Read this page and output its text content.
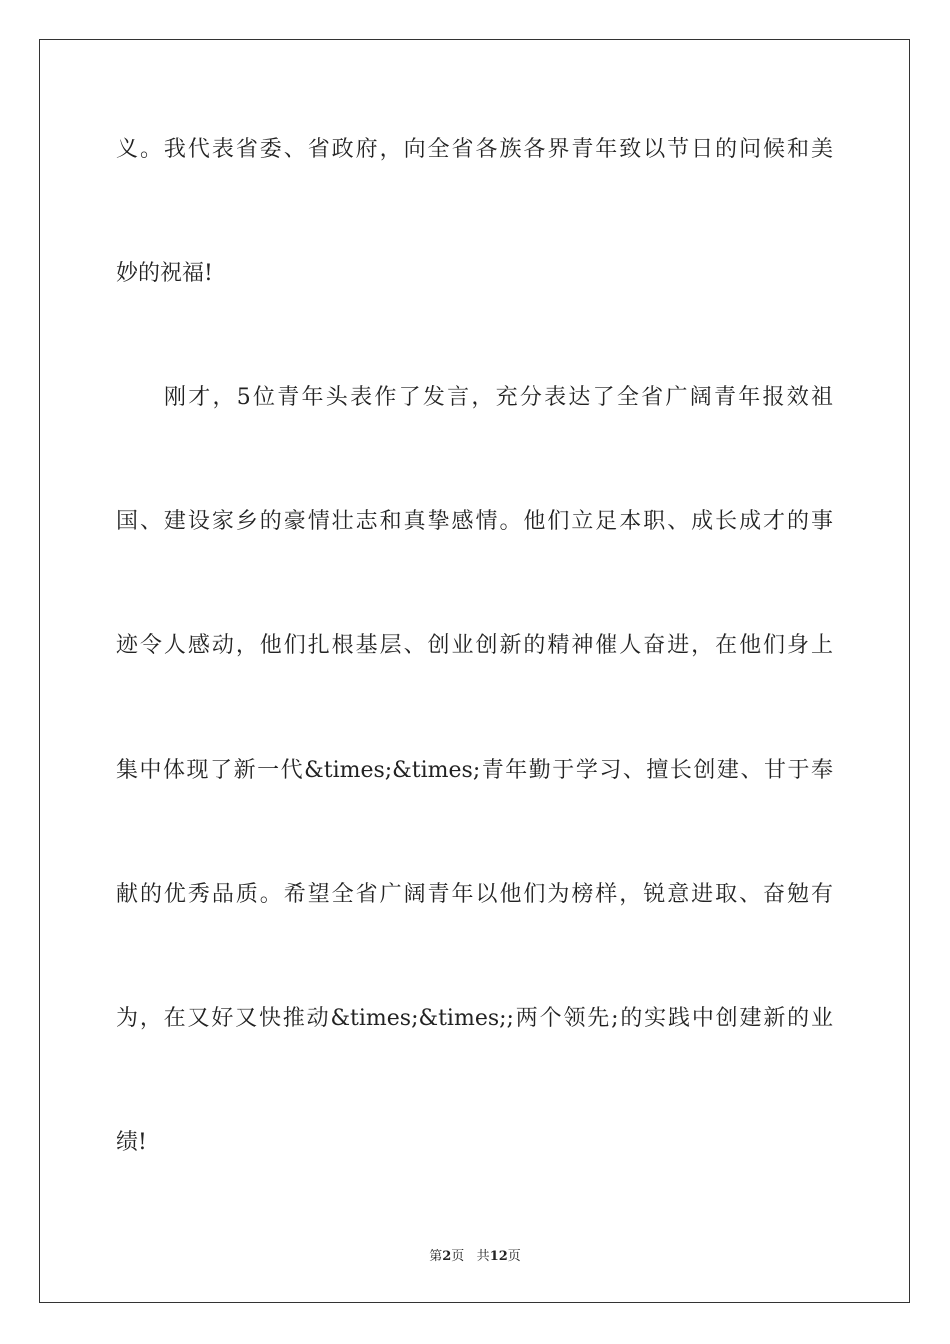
义。我代表省委、省政府，向全省各族各界青年致以节日的问候和美
妙的祝福!
刚才，5位青年头表作了发言，充分表达了全省广阔青年报效祖
国、建设家乡的豪情壮志和真挚感情。他们立足本职、成长成才的事
迹令人感动，他们扎根基层、创业创新的精神催人奋进，在他们身上
集中体现了新一代&times;&times;青年勤于学习、擅长创建、甘于奉
献的优秀品质。希望全省广阔青年以他们为榜样，锐意进取、奋勉有
为，在又好又快推动&times;&times;;两个领先;的实践中创建新的业
绩!
第2页 共12页
